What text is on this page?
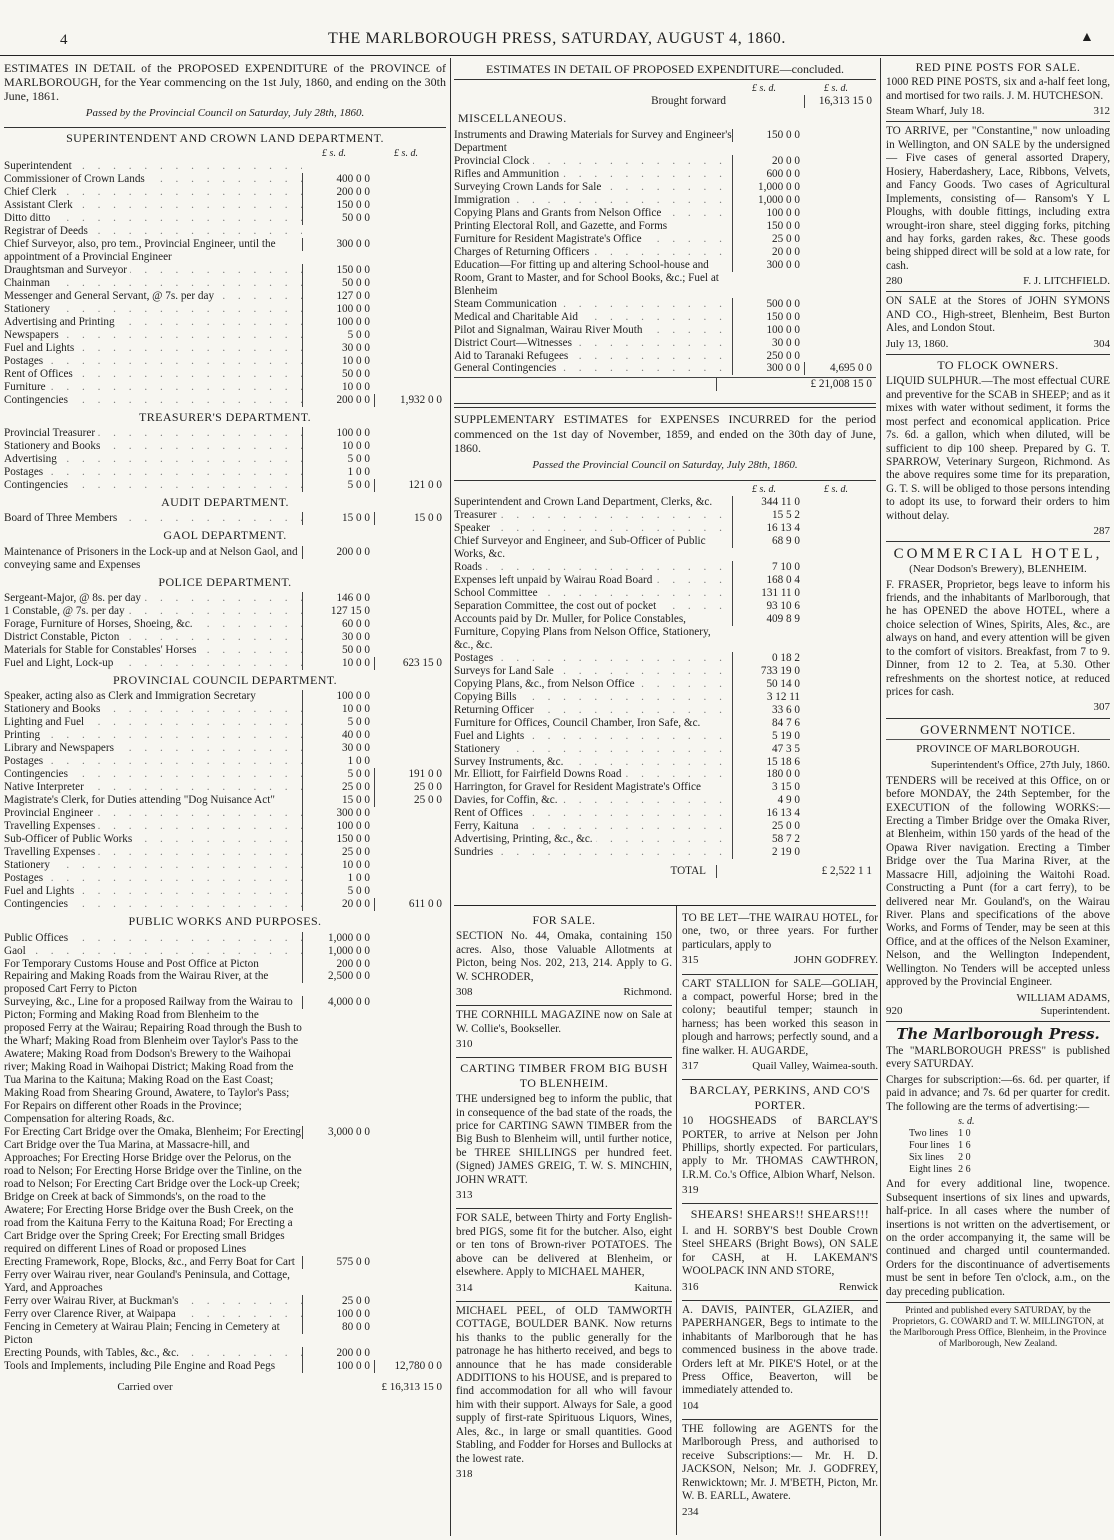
4	THE MARLBOROUGH PRESS, SATURDAY, AUGUST 4, 1860.	▲
ESTIMATES IN DETAIL of the PROPOSED EXPENDITURE of the PROVINCE of MARLBOROUGH, for the Year commencing on the 1st July, 1860, and ending on the 30th June, 1861.
Passed by the Provincial Council on Saturday, July 28th, 1860.
SUPERINTENDENT AND CROWN LAND DEPARTMENT.
£ s. d.	£ s. d.
Superintendent . . .
Commissioner of Crown Lands . . .	400 0 0
Chief Clerk . . .	200 0 0
Assistant Clerk . . .	150 0 0
Ditto ditto . . .	50 0 0
Registrar of Deeds . . .
Chief Surveyor, also, pro tem., Provincial Engineer, until the appointment of a Provincial Engineer
300 0 0
Draughtsman and Surveyor . . .	150 0 0
Chainman . . .	50 0 0
Messenger and General Servant, @ 7s. per day . . .	127 0 0
Stationery . . .	100 0 0
Advertising and Printing . . .	100 0 0
Newspapers . . .	5 0 0
Fuel and Lights . . .	30 0 0
Postages . . .	10 0 0
Rent of Offices . . .	50 0 0
Furniture . . .	10 0 0
Contingencies . . .	200 0 0	1,932 0 0
TREASURER'S DEPARTMENT.
Provincial Treasurer . . .	100 0 0
Stationery and Books . . .	10 0 0
Advertising . . .	5 0 0
Postages . . .	1 0 0
Contingencies . . .	5 0 0	121 0 0
AUDIT DEPARTMENT.
Board of Three Members . . .	15 0 0	15 0 0
GAOL DEPARTMENT.
Maintenance of Prisoners in the Lock-up and at Nelson Gaol, and conveying same and Expenses
200 0 0
POLICE DEPARTMENT.
Sergeant-Major, @ 8s. per day . . .	146 0 0
1 Constable, @ 7s. per day . . .	127 15 0
Forage, Furniture of Horses, Shoeing, &c. . . .	60 0 0
District Constable, Picton . . .	30 0 0
Materials for Stable for Constables' Horses . . .	50 0 0
Fuel and Light, Lock-up . . .	10 0 0	623 15 0
PROVINCIAL COUNCIL DEPARTMENT.
Speaker, acting also as Clerk and Immigration Secretary	100 0 0
Stationery and Books . . .	10 0 0
Lighting and Fuel . . .	5 0 0
Printing . . .	40 0 0
Library and Newspapers . . .	30 0 0
Postages . . .	1 0 0
Contingencies . . .	5 0 0	191 0 0
Native Interpreter . . .	25 0 0	25 0 0
Magistrate's Clerk, for Duties attending "Dog Nuisance Act"	15 0 0	25 0 0
Provincial Engineer . . .	300 0 0
Travelling Expenses . . .	100 0 0
Sub-Officer of Public Works . . .	150 0 0
Travelling Expenses . . .	25 0 0
Stationery . . .	10 0 0
Postages . . .	1 0 0
Fuel and Lights . . .	5 0 0
Contingencies . . .	20 0 0	611 0 0
PUBLIC WORKS AND PURPOSES.
Public Offices . . .	1,000 0 0
Gaol . . .	1,000 0 0
For Temporary Customs House and Post Office at Picton	200 0 0
Repairing and Making Roads from the Wairau River, at the proposed Cart Ferry to Picton
2,500 0 0
Surveying, &c., Line for a proposed Railway from the Wairau to Picton; Forming and Making Road from Blenheim to the proposed Ferry at the Wairau; Repairing Road through the Bush to the Wharf; Making Road from Blenheim over Taylor's Pass to the Awatere; Making Road from Dodson's Brewery to the Waihopai river; Making Road in Waihopai District; Making Road from the Tua Marina to the Kaituna; Making Road on the East Coast; Making Road from Shearing Ground, Awatere, to Taylor's Pass; For Repairs on different other Roads in the Province; Compensation for altering Roads, &c.
4,000 0 0
For Erecting Cart Bridge over the Omaka, Blenheim; For Erecting Cart Bridge over the Tua Marina, at Massacre-hill, and Approaches; For Erecting Horse Bridge over the Pelorus, on the road to Nelson; For Erecting Horse Bridge over the Tinline, on the road to Nelson; For Erecting Cart Bridge over the Lock-up Creek; Bridge on Creek at back of Simmonds's, on the road to the Awatere; For Erecting Horse Bridge over the Bush Creek, on the road from the Kaituna Ferry to the Kaituna Road; For Erecting a Cart Bridge over the Spring Creek; For Erecting small Bridges required on different Lines of Road or proposed Lines
3,000 0 0
Erecting Framework, Rope, Blocks, &c., and Ferry Boat for Cart Ferry over Wairau river, near Gouland's Peninsula, and Cottage, Yard, and Approaches
575 0 0
Ferry over Wairau River, at Buckman's . . .	25 0 0
Ferry over Clarence River, at Waipapa . . .	100 0 0
Fencing in Cemetery at Wairau Plain; Fencing in Cemetery at Picton
80 0 0
Erecting Pounds, with Tables, &c., &c. . . .	200 0 0
Tools and Implements, including Pile Engine and Road Pegs	100 0 0	12,780 0 0
Carried over	£ 16,313 15 0
ESTIMATES IN DETAIL OF PROPOSED EXPENDITURE—concluded.
£ s. d.	£ s. d.
Brought forward	16,313 15 0
MISCELLANEOUS.
Instruments and Drawing Materials for Survey and Engineer's Department
150 0 0
Provincial Clock . . .	20 0 0
Rifles and Ammunition . . .	600 0 0
Surveying Crown Lands for Sale . . .	1,000 0 0
Immigration . . .	1,000 0 0
Copying Plans and Grants from Nelson Office . . .	100 0 0
Printing Electoral Roll, and Gazette, and Forms	150 0 0
Furniture for Resident Magistrate's Office . . .	25 0 0
Charges of Returning Officers . . .	20 0 0
Education—For fitting up and altering School-house and Room, Grant to Master, and for School Books, &c.; Fuel at Blenheim
300 0 0
Steam Communication . . .	500 0 0
Medical and Charitable Aid . . .	150 0 0
Pilot and Signalman, Wairau River Mouth . . .	100 0 0
District Court—Witnesses . . .	30 0 0
Aid to Taranaki Refugees . . .	250 0 0
General Contingencies . . .	300 0 0	4,695 0 0
£ 21,008 15 0
SUPPLEMENTARY ESTIMATES for EXPENSES INCURRED for the period commenced on the 1st day of November, 1859, and ended on the 30th day of June, 1860.
Passed the Provincial Council on Saturday, July 28th, 1860.
£ s. d.	£ s. d.
Superintendent and Crown Land Department, Clerks, &c.	344 11 0
Treasurer . . .	15 5 2
Speaker . . .	16 13 4
Chief Surveyor and Engineer, and Sub-Officer of Public Works, &c.
68 9 0
Roads . . .	7 10 0
Expenses left unpaid by Wairau Road Board . . .	168 0 4
School Committee . . .	131 11 0
Separation Committee, the cost out of pocket . . .	93 10 6
Accounts paid by Dr. Muller, for Police Constables, Furniture, Copying Plans from Nelson Office, Stationery, &c., &c.
409 8 9
Postages . . .	0 18 2
Surveys for Land Sale . . .	733 19 0
Copying Plans, &c., from Nelson Office . . .	50 14 0
Copying Bills . . .	3 12 11
Returning Officer . . .	33 6 0
Furniture for Offices, Council Chamber, Iron Safe, &c.	84 7 6
Fuel and Lights . . .	5 19 0
Stationery . . .	47 3 5
Survey Instruments, &c. . . .	15 18 6
Mr. Elliott, for Fairfield Downs Road . . .	180 0 0
Harrington, for Gravel for Resident Magistrate's Office	3 15 0
Davies, for Coffin, &c. . . .	4 9 0
Rent of Offices . . .	16 13 4
Ferry, Kaituna . . .	25 0 0
Advertising, Printing, &c., &c. . . .	58 7 2
Sundries . . .	2 19 0
TOTAL	£ 2,522 1 1
FOR SALE.
SECTION No. 44, Omaka, containing 150 acres. Also, those Valuable Allotments at Picton, being Nos. 202, 213, 214. Apply to G. W. SCHRODER,
308	Richmond.
THE CORNHILL MAGAZINE now on Sale at W. Collie's, Bookseller.
310
CARTING TIMBER FROM BIG BUSH TO BLENHEIM.
THE undersigned beg to inform the public, that in consequence of the bad state of the roads, the price for CARTING SAWN TIMBER from the Big Bush to Blenheim will, until further notice, be THREE SHILLINGS per hundred feet. (Signed) JAMES GREIG, T. W. S. MINCHIN, JOHN WRATT.
313
FOR SALE, between Thirty and Forty English-bred PIGS, some fit for the butcher. Also, eight or ten tons of Brown-river POTATOES. The above can be delivered at Blenheim, or elsewhere. Apply to MICHAEL MAHER,
314	Kaituna.
MICHAEL PEEL, of OLD TAMWORTH COTTAGE, BOULDER BANK. Now returns his thanks to the public generally for the patronage he has hitherto received, and begs to announce that he has made considerable ADDITIONS to his HOUSE, and is prepared to find accommodation for all who will favour him with their support. Always for Sale, a good supply of first-rate Spirituous Liquors, Wines, Ales, &c., in large or small quantities. Good Stabling, and Fodder for Horses and Bullocks at the lowest rate.
318
TO BE LET—THE WAIRAU HOTEL, for one, two, or three years. For further particulars, apply to
315	JOHN GODFREY.
CART STALLION for SALE—GOLIAH, a compact, powerful Horse; bred in the colony; beautiful temper; staunch in harness; has been worked this season in plough and harrows; perfectly sound, and a fine walker. H. AUGARDE,
317	Quail Valley, Waimea-south.
BARCLAY, PERKINS, AND CO'S PORTER.
10 HOGSHEADS of BARCLAY'S PORTER, to arrive at Nelson per John Phillips, shortly expected. For particulars, apply to Mr. THOMAS CAWTHRON, I.R.M. Co.'s Office, Albion Wharf, Nelson.
319
SHEARS! SHEARS!! SHEARS!!!
I. and H. SORBY'S best Double Crown Steel SHEARS (Bright Bows), ON SALE for CASH, at H. LAKEMAN'S WOOLPACK INN AND STORE,
316	Renwick
A. DAVIS, PAINTER, GLAZIER, and PAPERHANGER, Begs to intimate to the inhabitants of Marlborough that he has commenced business in the above trade. Orders left at Mr. PIKE'S Hotel, or at the Press Office, Beaverton, will be immediately attended to.
104
THE following are AGENTS for the Marlborough Press, and authorised to receive Subscriptions:— Mr. H. D. JACKSON, Nelson; Mr. J. GODFREY, Renwicktown; Mr. J. M'BETH, Picton, Mr. W. B. EARLL, Awatere.
234
RED PINE POSTS FOR SALE.
1000 RED PINE POSTS, six and a-half feet long, and mortised for two rails. J. M. HUTCHESON.
Steam Wharf, July 18.	312
TO ARRIVE, per "Constantine," now unloading in Wellington, and ON SALE by the undersigned— Five cases of general assorted Drapery, Hosiery, Haberdashery, Lace, Ribbons, Velvets, and Fancy Goods. Two cases of Agricultural Implements, consisting of— Ransom's Y L Ploughs, with double fittings, including extra wrought-iron share, steel digging forks, pitching and hay forks, garden rakes, &c. These goods being shipped direct will be sold at a low rate, for cash.
280	F. J. LITCHFIELD.
ON SALE at the Stores of JOHN SYMONS AND CO., High-street, Blenheim, Best Burton Ales, and London Stout.
July 13, 1860.	304
TO FLOCK OWNERS.
LIQUID SULPHUR.—The most effectual CURE and preventive for the SCAB in SHEEP; and as it mixes with water without sediment, it forms the most perfect and economical application. Price 7s. 6d. a gallon, which when diluted, will be sufficient to dip 100 sheep. Prepared by G. T. SPARROW, Veterinary Surgeon, Richmond. As the above requires some time for its preparation, G. T. S. will be obliged to those persons intending to adopt its use, to forward their orders to him without delay.
287
COMMERCIAL HOTEL,
(Near Dodson's Brewery), BLENHEIM.
F. FRASER, Proprietor, begs leave to inform his friends, and the inhabitants of Marlborough, that he has OPENED the above HOTEL, where a choice selection of Wines, Spirits, Ales, &c., are always on hand, and every attention will be given to the comfort of visitors. Breakfast, from 7 to 9. Dinner, from 12 to 2. Tea, at 5.30. Other refreshments on the shortest notice, at reduced prices for cash.
307
GOVERNMENT NOTICE.
PROVINCE OF MARLBOROUGH.
Superintendent's Office, 27th July, 1860.
TENDERS will be received at this Office, on or before MONDAY, the 24th September, for the EXECUTION of the following WORKS:— Erecting a Timber Bridge over the Omaka River, at Blenheim, within 150 yards of the head of the Opawa River navigation. Erecting a Timber Bridge over the Tua Marina River, at the Massacre Hill, adjoining the Waitohi Road. Constructing a Punt (for a cart ferry), to be delivered near Mr. Gouland's, on the Wairau River. Plans and specifications of the above Works, and Forms of Tender, may be seen at this Office, and at the offices of the Nelson Examiner, Nelson, and the Wellington Independent, Wellington. No Tenders will be accepted unless approved by the Provincial Engineer.
WILLIAM ADAMS,
920	Superintendent.
The Marlborough Press.
The "MARLBOROUGH PRESS" is published every SATURDAY.
Charges for subscription:—6s. 6d. per quarter, if paid in advance; and 7s. 6d per quarter for credit. The following are the terms of advertising:—
	s. d.
Two lines	1 0
Four lines	1 6
Six lines	2 0
Eight lines	2 6
And for every additional line, twopence. Subsequent insertions of six lines and upwards, half-price. In all cases where the number of insertions is not written on the advertisement, or on the order accompanying it, the same will be continued and charged until countermanded. Orders for the discontinuance of advertisements must be sent in before Ten o'clock, a.m., on the day preceding publication.
Printed and published every SATURDAY, by the Proprietors, G. COWARD and T. W. MILLINGTON, at the Marlborough Press Office, Blenheim, in the Province of Marlborough, New Zealand.
